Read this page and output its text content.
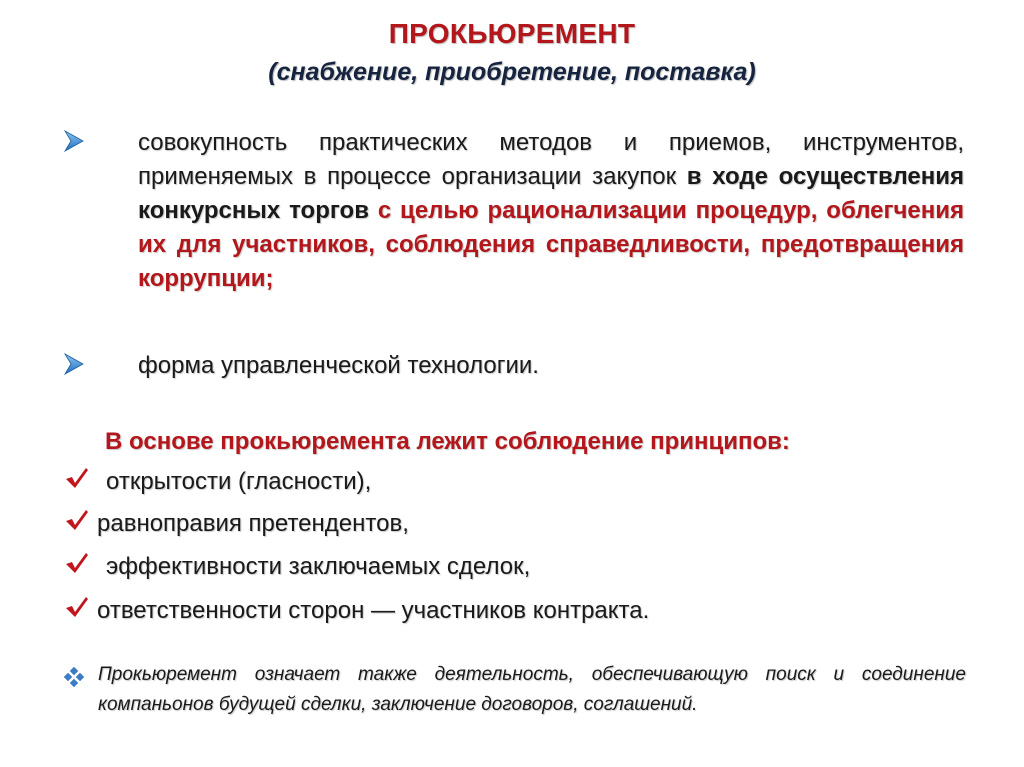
ПРОКЬЮРЕМЕНТ
(снабжение, приобретение, поставка)
совокупность практических методов и приемов, инструментов, применяемых в процессе организации закупок в ходе осуществления конкурсных торгов с целью рационализации процедур, облегчения их для участников, соблюдения справедливости, предотвращения коррупции;
форма управленческой технологии.
В основе прокьюремента лежит соблюдение принципов:
открытости (гласности),
равноправия претендентов,
эффективности заключаемых сделок,
ответственности сторон — участников контракта.
Прокьюремент означает также деятельность, обеспечивающую поиск и соединение компаньонов будущей сделки, заключение договоров, соглашений.
